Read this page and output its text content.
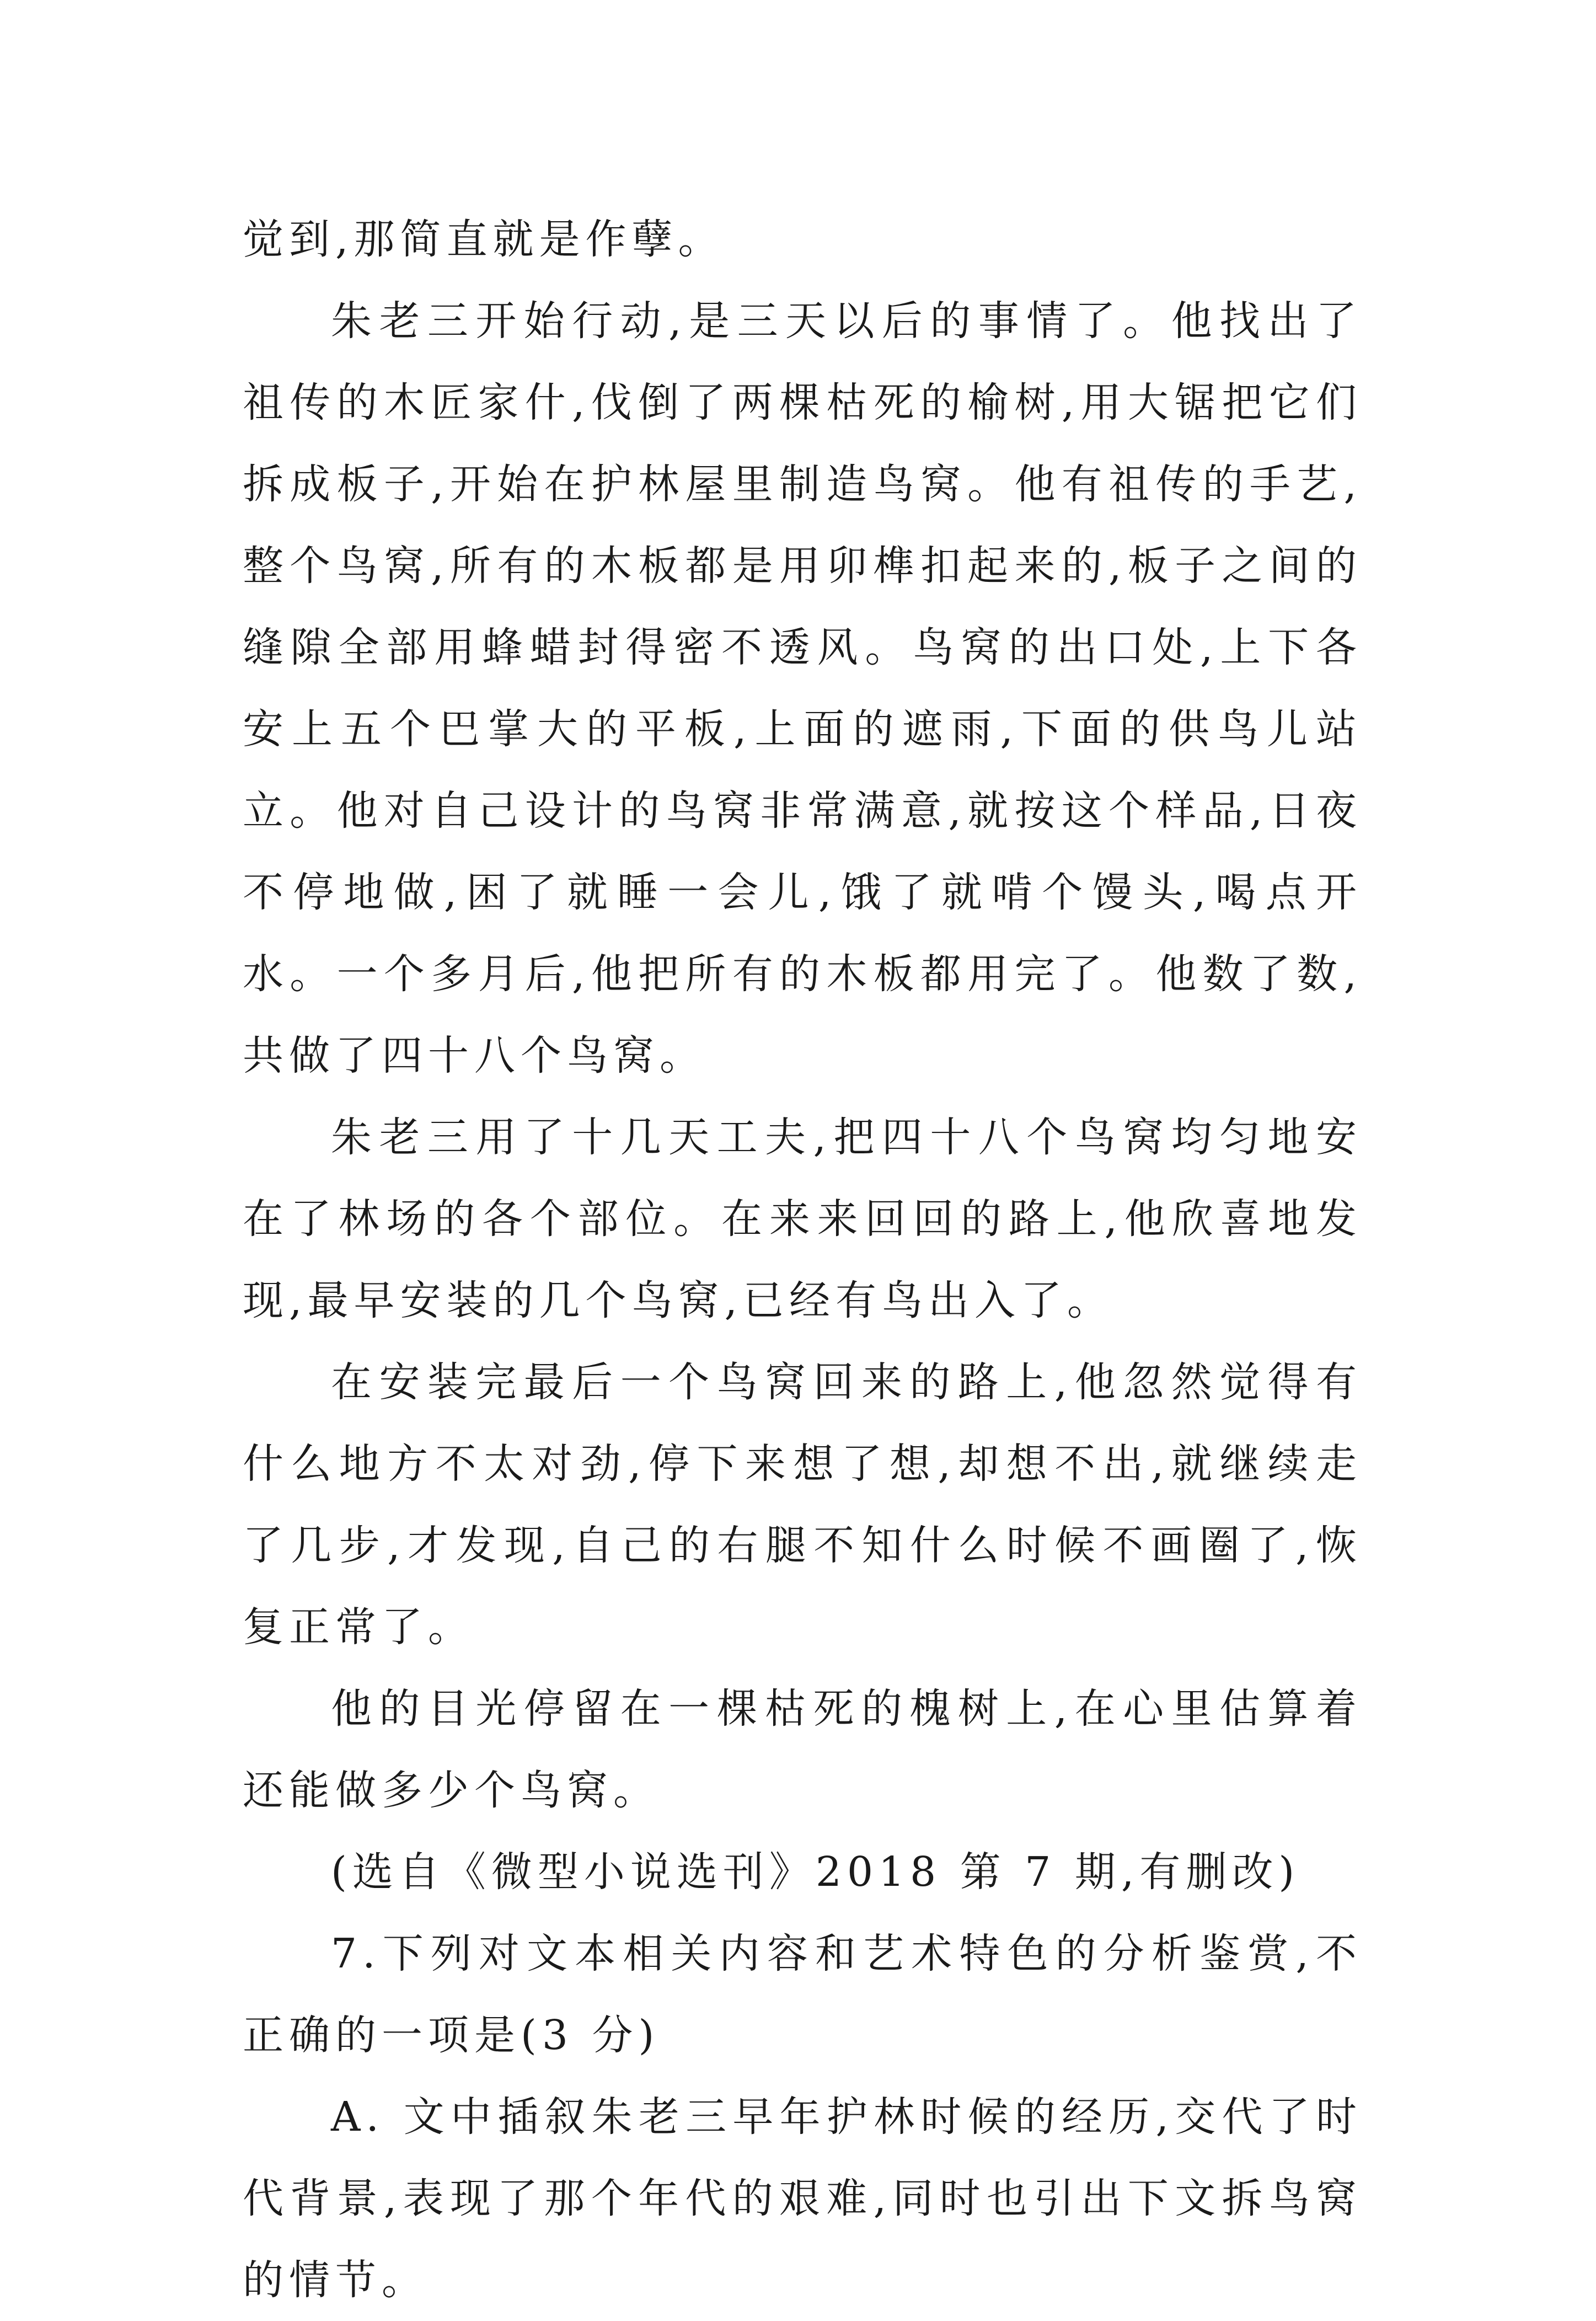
觉到,那简直就是作孽。

朱老三开始行动,是三天以后的事情了。他找出了祖传的木匠家什,伐倒了两棵枯死的榆树,用大锯把它们拆成板子,开始在护林屋里制造鸟窝。他有祖传的手艺,整个鸟窝,所有的木板都是用卯榫扣起来的,板子之间的缝隙全部用蜂蜡封得密不透风。鸟窝的出口处,上下各安上五个巴掌大的平板,上面的遮雨,下面的供鸟儿站立。他对自己设计的鸟窝非常满意,就按这个样品,日夜不停地做,困了就睡一会儿,饿了就啃个馒头,喝点开水。一个多月后,他把所有的木板都用完了。他数了数,共做了四十八个鸟窝。

朱老三用了十几天工夫,把四十八个鸟窝均匀地安在了林场的各个部位。在来来回回的路上,他欣喜地发现,最早安装的几个鸟窝,已经有鸟出入了。

在安装完最后一个鸟窝回来的路上,他忽然觉得有什么地方不太对劲,停下来想了想,却想不出,就继续走了几步,才发现,自己的右腿不知什么时候不画圈了,恢复正常了。

他的目光停留在一棵枯死的槐树上,在心里估算着还能做多少个鸟窝。

(选自《微型小说选刊》2018 第 7 期,有删改)

7.下列对文本相关内容和艺术特色的分析鉴赏,不正确的一项是(3 分)

A. 文中插叙朱老三早年护林时候的经历,交代了时代背景,表现了那个年代的艰难,同时也引出下文拆鸟窝的情节。
